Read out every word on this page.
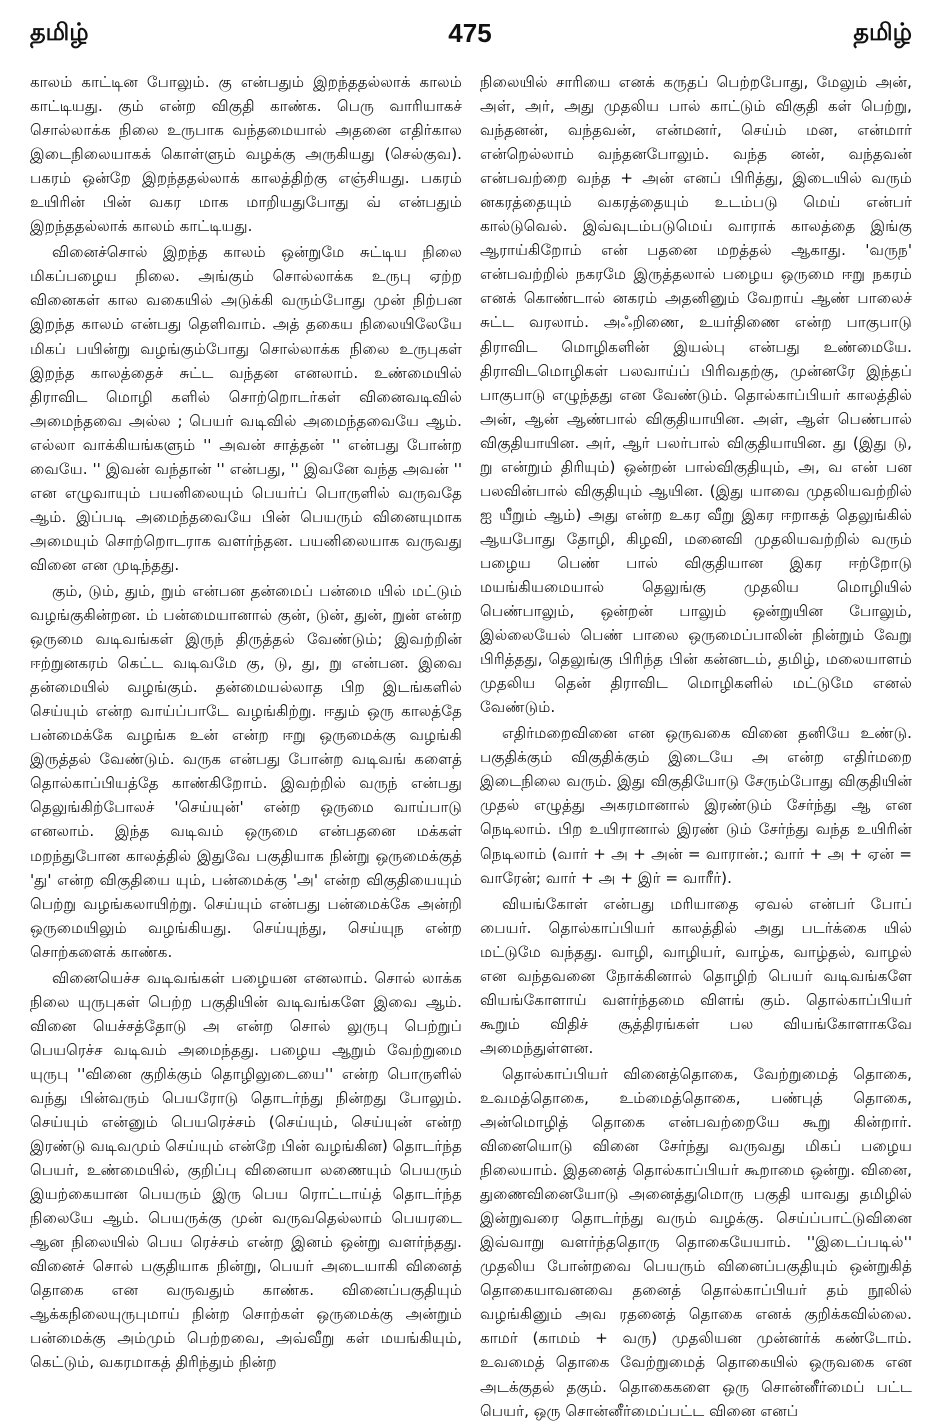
தமிழ்	475	தமிழ்

காலம் காட்டின போலும். கு என்பதும் இறந்ததல்லாக் காலம் காட்டியது. கும் என்ற விகுதி காண்க. பெரு வாரியாகச் சொல்லாக்க நிலை உருபாக வந்தமையால் அதனை எதிர்கால இடைநிலையாகக் கொள்ளும் வழக்கு அருகியது (செல்குவ). பகரம் ஒன்றே இறந்ததல்லாக் காலத்திற்கு எஞ்சியது. பகரம் உயிரின் பின் வகர மாக மாறியதுபோது வ் என்பதும் இறந்ததல்லாக் காலம் காட்டியது.

வினைச்சொல் இறந்த காலம் ஒன்றுமே சுட்டிய நிலை மிகப்பழைய நிலை. அங்கும் சொல்லாக்க உருபு ஏற்ற வினைகள் கால வகையில் அடுக்கி வரும்போது முன் நிற்பன இறந்த காலம் என்பது தெளிவாம். அத் தகைய நிலையிலேயே மிகப் பயின்று வழங்கும்போது சொல்லாக்க நிலை உருபுகள் இறந்த காலத்தைச் சுட்ட வந்தன எனலாம். உண்மையில் திராவிட மொழி களில் சொற்றொடர்கள் வினைவடிவில் அமைந்தவை அல்ல ; பெயர் வடிவில் அமைந்தவையே ஆம். எல்லா வாக்கியங்களும் '' அவன் சாத்தன் '' என்பது போன்ற வையே. '' இவன் வந்தான் '' என்பது, '' இவனே வந்த அவன் '' என எழுவாயும் பயனிலையும் பெயர்ப் பொருளில் வருவதே ஆம். இப்படி அமைந்தவையே பின் பெயரும் வினையுமாக அமையும் சொற்றொடராக வளர்ந்தன. பயனிலையாக வருவது வினை என முடிந்தது.

கும், டும், தும், றும் என்பன தன்மைப் பன்மை யில் மட்டும் வழங்குகின்றன. ம் பன்மையானால் குன், டுன், துன், றுன் என்ற ஒருமை வடிவங்கள் இருந் திருத்தல் வேண்டும்; இவற்றின் ஈற்றுனகரம் கெட்ட வடிவமே கு, டு, து, று என்பன. இவை தன்மையில் வழங்கும். தன்மையல்லாத பிற இடங்களில் செய்யும் என்ற வாய்ப்பாடே வழங்கிற்று. ஈதும் ஒரு காலத்தே பன்மைக்கே வழங்க உன் என்ற ஈறு ஒருமைக்கு வழங்கி இருத்தல் வேண்டும். வருக என்பது போன்ற வடிவங் களைத் தொல்காப்பியத்தே காண்கிறோம். இவற்றில் வருந் என்பது தெலுங்கிற்போலச் 'செய்யுன்' என்ற ஒருமை வாய்பாடு எனலாம். இந்த வடிவம் ஒருமை என்பதனை மக்கள் மறந்துபோன காலத்தில் இதுவே பகுதியாக நின்று ஒருமைக்குத் 'து' என்ற விகுதியை யும், பன்மைக்கு 'அ' என்ற விகுதியையும் பெற்று வழங்கலாயிற்று. செய்யும் என்பது பன்மைக்கே அன்றி ஒருமையிலும் வழங்கியது. செய்யுந்து, செய்யுந என்ற சொற்களைக் காண்க.

வினையெச்ச வடிவங்கள் பழையன எனலாம். சொல் லாக்க நிலை யுருபுகள் பெற்ற பகுதியின் வடிவங்களே இவை ஆம். வினை யெச்சத்தோடு அ என்ற சொல் லுருபு பெற்றுப் பெயரெச்ச வடிவம் அமைந்தது. பழைய ஆறும் வேற்றுமை யுருபு ''வினை குறிக்கும் தொழிலுடையை'' என்ற பொருளில் வந்து பின்வரும் பெயரோடு தொடர்ந்து நின்றது போலும். செய்யும் என்னும் பெயரெச்சம் (செய்யும், செய்யுன் என்ற இரண்டு வடிவமும் செய்யும் என்றே பின் வழங்கின) தொடர்ந்த பெயர், உண்மையில், குறிப்பு வினையா லணையும் பெயரும் இயற்கையான பெயரும் இரு பெய ரொட்டாய்த் தொடர்ந்த நிலையே ஆம். பெயருக்கு முன் வருவதெல்லாம் பெயரடை ஆன நிலையில் பெய ரெச்சம் என்ற இனம் ஒன்று வளர்ந்தது. வினைச் சொல் பகுதியாக நின்று, பெயர் அடையாகி வினைத் தொகை என வருவதும் காண்க. வினைப்பகுதியும் ஆக்கநிலையுருபுமாய் நின்ற சொற்கள் ஒருமைக்கு அன்றும் பன்மைக்கு அம்மும் பெற்றவை, அவ்வீறு கள் மயங்கியும், கெட்டும், வகரமாகத் திரிந்தும் நின்ற

நிலையில் சாரியை எனக் கருதப் பெற்றபோது, மேலும் அன், அள், அர், அது முதலிய பால் காட்டும் விகுதி கள் பெற்று, வந்தனன், வந்தவன், என்மனர், செய்ம் மன, என்மார் என்றெல்லாம் வந்தனபோலும். வந்த னன், வந்தவன் என்பவற்றை வந்த + அன் எனப் பிரித்து, இடையில் வரும் னகரத்தையும் வகரத்தையும் உடம்படு மெய் என்பர் கால்டுவெல். இவ்வுடம்படுமெய் வாராக் காலத்தை இங்கு ஆராய்கிறோம் என் பதனை மறத்தல் ஆகாது. 'வருந' என்பவற்றில் நகரமே இருத்தலால் பழைய ஒருமை ஈறு நகரம் எனக் கொண்டால் னகரம் அதனினும் வேறாய் ஆண் பாலைச் சுட்ட வரலாம். அஃறிணை, உயர்திணை என்ற பாகுபாடு திராவிட மொழிகளின் இயல்பு என்பது உண்மையே. திராவிடமொழிகள் பலவாய்ப் பிரிவதற்கு, முன்னரே இந்தப் பாகுபாடு எழுந்தது என வேண்டும். தொல்காப்பியர் காலத்தில் அன், ஆன் ஆண்பால் விகுதியாயின. அள், ஆள் பெண்பால் விகுதியாயின. அர், ஆர் பலர்பால் விகுதியாயின. து (இது டு, று என்றும் திரியும்) ஒன்றன் பால்விகுதியும், அ, வ என் பன பலவின்பால் விகுதியும் ஆயின. (இது யாவை முதலியவற்றில் ஐ யீறும் ஆம்) அது என்ற உகர வீறு இகர ஈறாகத் தெலுங்கில் ஆயபோது தோழி, கிழவி, மனைவி முதலியவற்றில் வரும் பழைய பெண் பால் விகுதியான இகர ஈற்றோடு மயங்கியமையால் தெலுங்கு முதலிய மொழியில் பெண்பாலும், ஒன்றன் பாலும் ஒன்றுயின போலும், இல்லையேல் பெண் பாலை ஒருமைப்பாலின் நின்றும் வேறு பிரித்தது, தெலுங்கு பிரிந்த பின் கன்னடம், தமிழ், மலையாளம் முதலிய தென் திராவிட மொழிகளில் மட்டுமே எனல் வேண்டும்.

எதிர்மறைவினை என ஒருவகை வினை தனியே உண்டு. பகுதிக்கும் விகுதிக்கும் இடையே அ என்ற எதிர்மறை இடைநிலை வரும். இது விகுதியோடு சேரும்போது விகுதியின் முதல் எழுத்து அகரமானால் இரண்டும் சேர்ந்து ஆ என நெடிலாம். பிற உயிரானால் இரண் டும் சேர்ந்து வந்த உயிரின் நெடிலாம் (வார் + அ + அன் = வாரான்.; வார் + அ + ஏன் = வாரேன்; வார் + அ + இர் = வாரீர்).

வியங்கோள் என்பது மரியாதை ஏவல் என்பர் போப் பையர். தொல்காப்பியர் காலத்தில் அது படர்க்கை யில் மட்டுமே வந்தது. வாழி, வாழியர், வாழ்க, வாழ்தல், வாழல் என வந்தவனை நோக்கினால் தொழிற் பெயர் வடிவங்களே வியங்கோளாய் வளர்ந்தமை விளங் கும். தொல்காப்பியர் கூறும் விதிச் சூத்திரங்கள் பல வியங்கோளாகவே அமைந்துள்ளன.

தொல்காப்பியர் வினைத்தொகை, வேற்றுமைத் தொகை, உவமத்தொகை, உம்மைத்தொகை, பண்புத் தொகை, அன்மொழித் தொகை என்பவற்றையே கூறு கின்றார். வினையொடு வினை சேர்ந்து வருவது மிகப் பழைய நிலையாம். இதனைத் தொல்காப்பியர் கூறாமை ஒன்று. வினை, துணைவினையோடு அனைத்துமொரு பகுதி யாவது தமிழில் இன்றுவரை தொடர்ந்து வரும் வழக்கு. செய்ப்பாட்டுவினை இவ்வாறு வளர்ந்ததொரு தொகையேயாம். ''இடைப்படில்'' முதலிய போன்றவை பெயரும் வினைப்பகுதியும் ஒன்றுகித் தொகையாவனவை தனைத் தொல்காப்பியர் தம் நூலில் வழங்கினும் அவ ரதனைத் தொகை எனக் குறிக்கவில்லை. காமர் (காமம் + வரு) முதலியன முன்னர்க் கண்டோம். உவமைத் தொகை வேற்றுமைத் தொகையில் ஒருவகை என அடக்குதல் தகும். தொகைகளை ஒரு சொன்னீர்மைப் பட்ட பெயர், ஒரு சொன்னீர்மைப்பட்ட வினை எனப்
